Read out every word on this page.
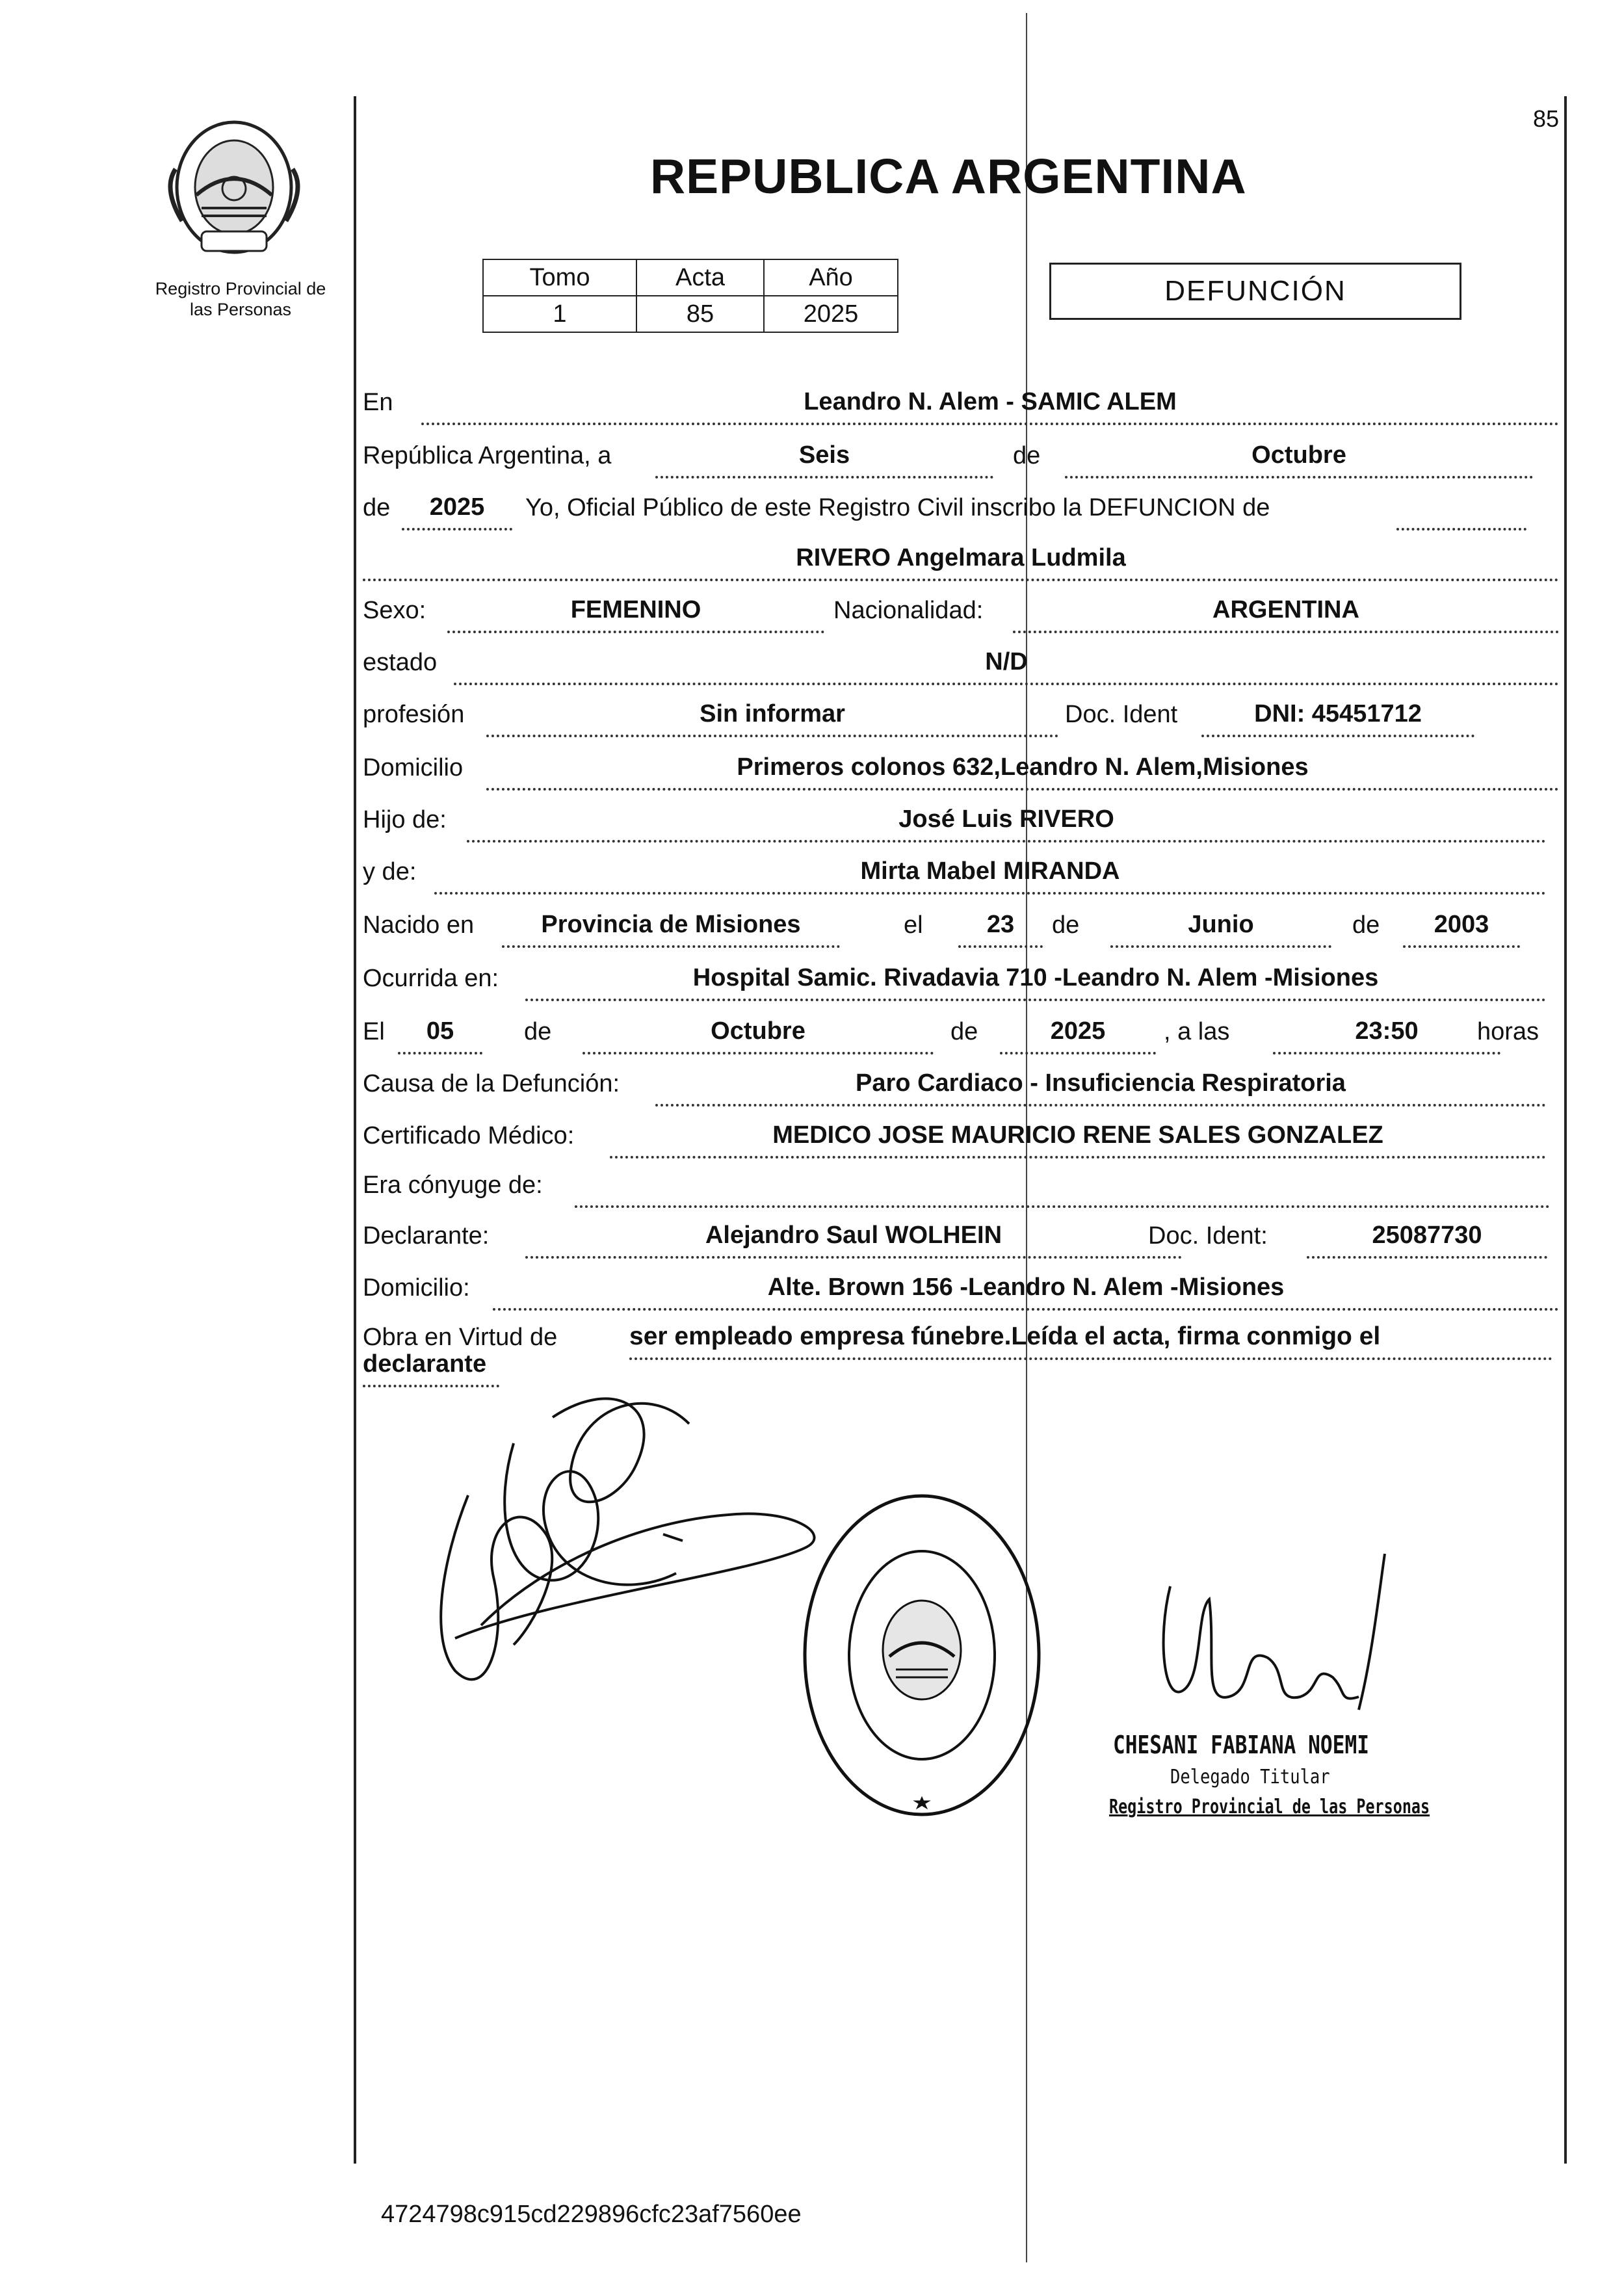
Registro Provincial de
las Personas
85
REPUBLICA ARGENTINA
Tomo	Acta	Año
1	85	2025
DEFUNCIÓN
En	Leandro N. Alem - SAMIC ALEM
República Argentina, a	Seis	de	Octubre
de	2025	Yo, Oficial Público de este Registro Civil inscribo la DEFUNCION de
RIVERO Angelmara Ludmila
Sexo:	FEMENINO	Nacionalidad:	ARGENTINA
estado	N/D
profesión	Sin informar	Doc. Ident	DNI: 45451712
Domicilio	Primeros colonos 632,Leandro N. Alem,Misiones
Hijo de:	José Luis RIVERO
y de:	Mirta Mabel MIRANDA
Nacido en	Provincia de Misiones	el	23	de	Junio	de	2003
Ocurrida en:	Hospital Samic. Rivadavia 710 -Leandro N. Alem -Misiones
El	05	de	Octubre	de	2025	, a las	23:50	horas
Causa de la Defunción:	Paro Cardiaco - Insuficiencia Respiratoria
Certificado Médico:	MEDICO JOSE MAURICIO RENE SALES GONZALEZ
Era cónyuge de:
Declarante:	Alejandro Saul WOLHEIN	Doc. Ident:	25087730
Domicilio:	Alte. Brown 156 -Leandro N. Alem -Misiones
Obra en Virtud de	ser empleado empresa fúnebre.Leída el acta, firma conmigo el
declarante
CHESANI FABIANA NOEMI
Delegado Titular
Registro Provincial de las Personas
4724798c915cd229896cfc23af7560ee
